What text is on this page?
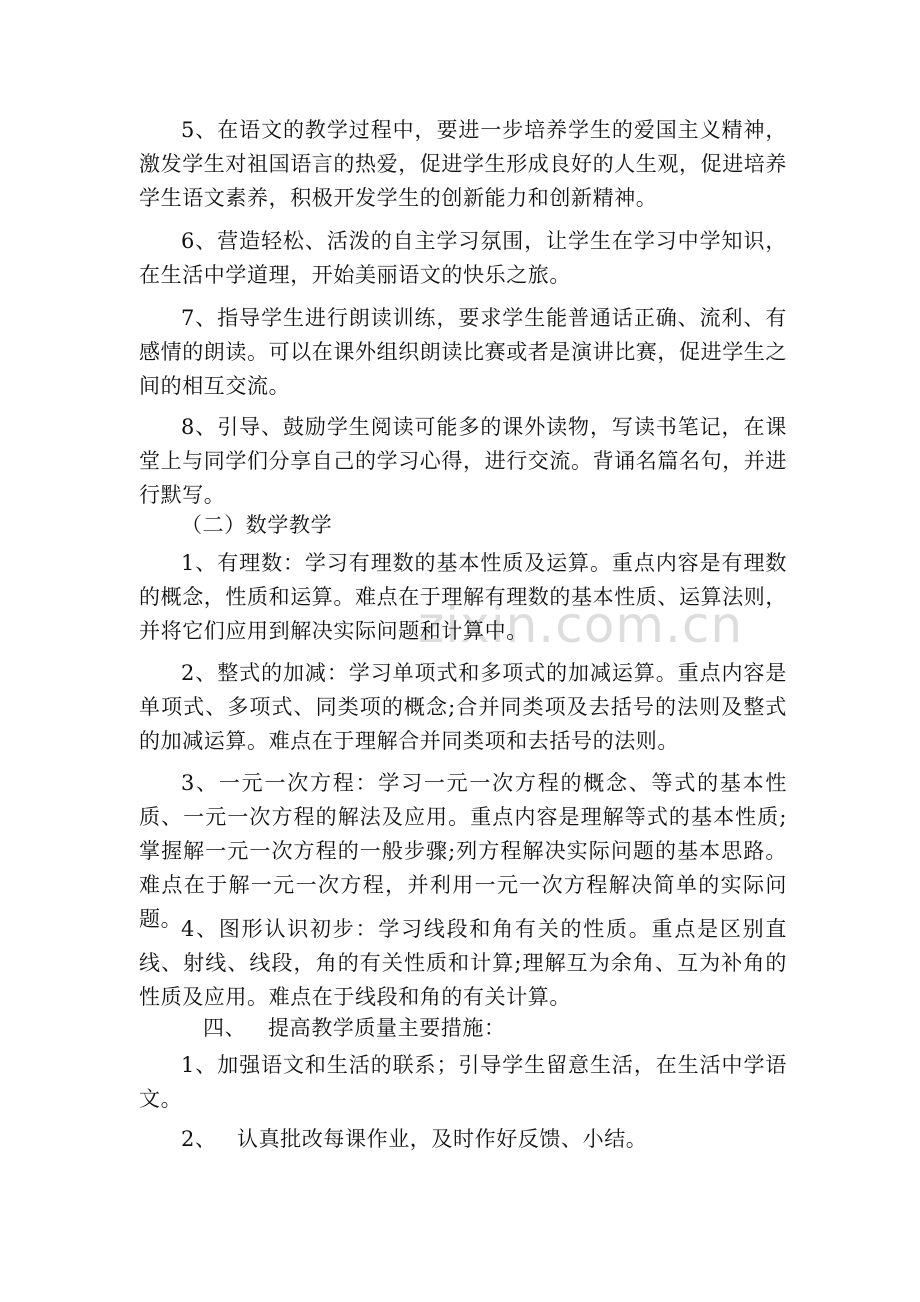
5、在语文的教学过程中，要进一步培养学生的爱国主义精神，激发学生对祖国语言的热爱，促进学生形成良好的人生观，促进培养学生语文素养，积极开发学生的创新能力和创新精神。

6、营造轻松、活泼的自主学习氛围，让学生在学习中学知识，在生活中学道理，开始美丽语文的快乐之旅。

7、指导学生进行朗读训练，要求学生能普通话正确、流利、有感情的朗读。可以在课外组织朗读比赛或者是演讲比赛，促进学生之间的相互交流。

8、引导、鼓励学生阅读可能多的课外读物，写读书笔记，在课堂上与同学们分享自己的学习心得，进行交流。背诵名篇名句，并进行默写。

（二）数学教学

1、有理数：学习有理数的基本性质及运算。重点内容是有理数的概念，性质和运算。难点在于理解有理数的基本性质、运算法则，并将它们应用到解决实际问题和计算中。

2、整式的加减：学习单项式和多项式的加减运算。重点内容是单项式、多项式、同类项的概念;合并同类项及去括号的法则及整式的加减运算。难点在于理解合并同类项和去括号的法则。

3、一元一次方程：学习一元一次方程的概念、等式的基本性质、一元一次方程的解法及应用。重点内容是理解等式的基本性质;掌握解一元一次方程的一般步骤;列方程解决实际问题的基本思路。难点在于解一元一次方程，并利用一元一次方程解决简单的实际问题。

4、图形认识初步：学习线段和角有关的性质。重点是区别直线、射线、线段，角的有关性质和计算;理解互为余角、互为补角的性质及应用。难点在于线段和角的有关计算。

四、 提高教学质量主要措施：

1、加强语文和生活的联系；引导学生留意生活，在生活中学语文。

2、 认真批改每课作业，及时作好反馈、小结。

zixin.com.cn
